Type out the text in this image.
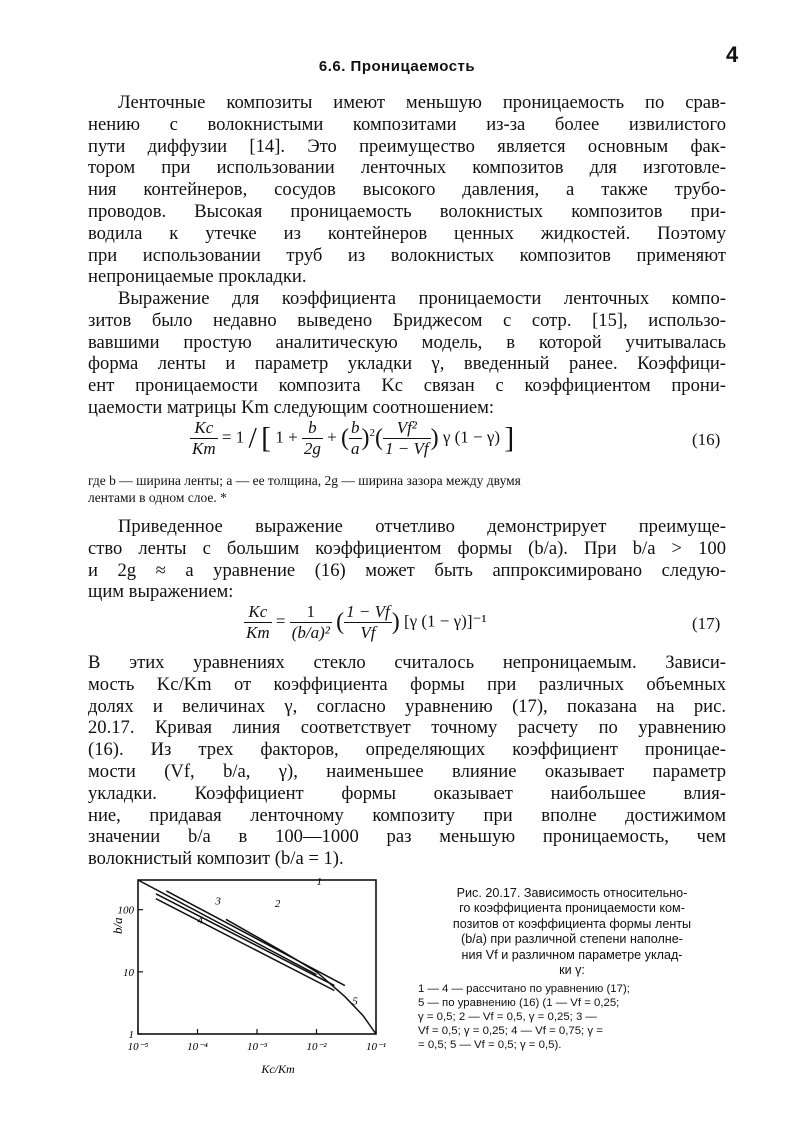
4
6.6. Проницаемость
Ленточные композиты имеют меньшую проницаемость по срав-
нению с волокнистыми композитами из-за более извилистого
пути диффузии [14]. Это преимущество является основным фак-
тором при использовании ленточных композитов для изготовле-
ния контейнеров, сосудов высокого давления, а также трубо-
проводов. Высокая проницаемость волокнистых композитов при-
водила к утечке из контейнеров ценных жидкостей. Поэтому
при использовании труб из волокнистых композитов применяют
непроницаемые прокладки.
Выражение для коэффициента проницаемости ленточных компо-
зитов было недавно выведено Бриджесом с сотр. [15], использо-
вавшими простую аналитическую модель, в которой учитывалась
форма ленты и параметр укладки γ, введенный ранее. Коэффици-
ент проницаемости композита Kc связан с коэффициентом прони-
цаемости матрицы Km следующим соотношением:
$\frac{Kc}{Km} = 1$ / [ $1 + \frac{b}{2g}$ + ( $\frac{b}{a} )^2( \frac{\text{Vf²}}{1 - Vf}$ ) γ (1 − γ) ]	(16)
где b — ширина ленты; a — ее толщина, 2g — ширина зазора между двумя
лентами в одном слое. *
Приведенное выражение отчетливо демонстрирует преимуще-
ство ленты с большим коэффициентом формы (b/a). При b/a > 100
и 2g ≈ a уравнение (16) может быть аппроксимировано следую-
щим выражением:
$\frac{Kc}{Km} = \frac{1}{\text{(b/a)²}}$ ( $\frac{1 - Vf}{Vf}$ ) [γ (1 − γ)]⁻¹	(17)
В этих уравнениях стекло считалось непроницаемым. Зависи-
мость Kc/Km от коэффициента формы при различных объемных
долях и величинах γ, согласно уравнению (17), показана на рис.
20.17. Кривая линия соответствует точному расчету по уравнению
(16). Из трех факторов, определяющих коэффициент проницае-
мости (Vf, b/a, γ), наименьшее влияние оказывает параметр
укладки. Коэффициент формы оказывает наибольшее влия-
ние, придавая ленточному композиту при вполне достижимом
значении b/a в 100—1000 раз меньшую проницаемость, чем
волокнистый композит (b/a = 1).
100
10
1
10⁻⁵	10⁻⁴	10⁻³	10⁻²	10⁻¹
1
2
3
4
5
b/a
Kc/Km
Рис. 20.17. Зависимость относительно-
го коэффициента проницаемости ком-
позитов от коэффициента формы ленты
(b/a) при различной степени наполне-
ния Vf и различном параметре уклад-
ки γ:
1 — 4 — рассчитано по уравнению (17);
5 — по уравнению (16) (1 — Vf = 0,25;
γ = 0,5; 2 — Vf = 0,5, γ = 0,25; 3 —
Vf = 0,5; γ = 0,25; 4 — Vf = 0,75; γ =
= 0,5; 5 — Vf = 0,5; γ = 0,5).
